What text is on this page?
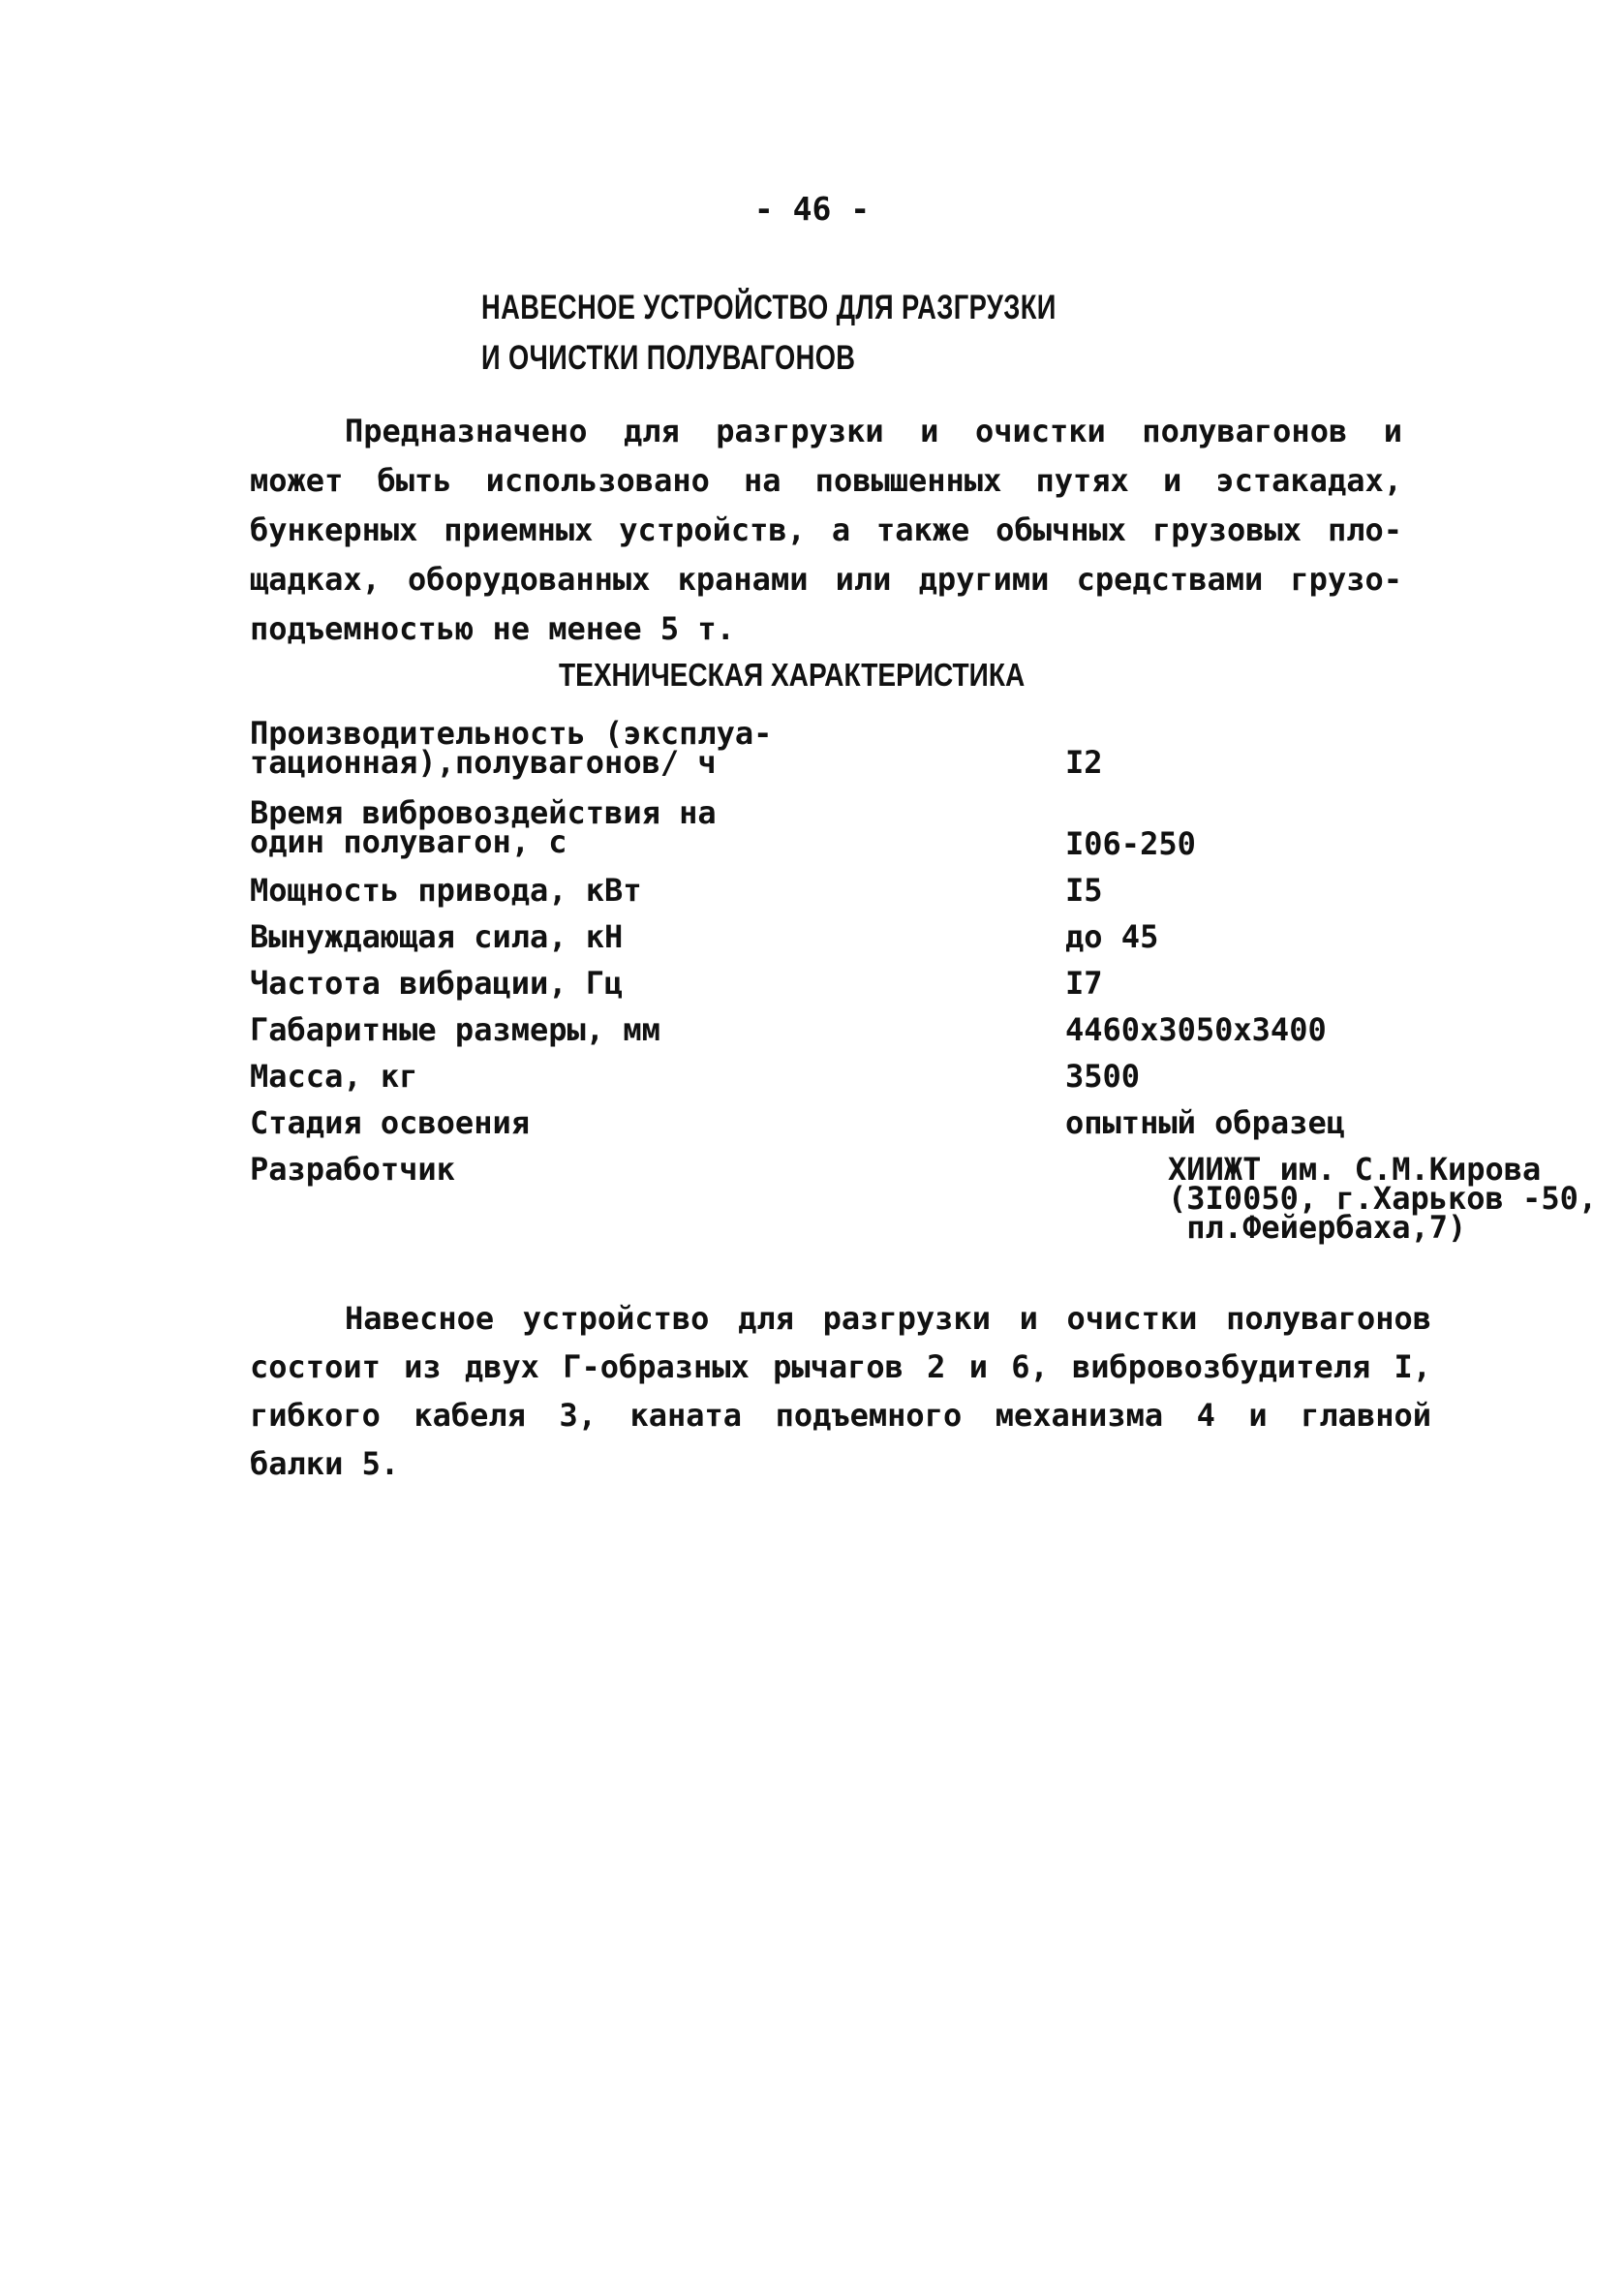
- 46 -
НАВЕСНОЕ УСТРОЙСТВО ДЛЯ РАЗГРУЗКИ
И ОЧИСТКИ ПОЛУВАГОНОВ
Предназначено для разгрузки и очистки полувагонов и
может быть использовано на повышенных путях и эстакадах,
бункерных приемных устройств, а также обычных грузовых пло-
щадках, оборудованных кранами или другими средствами грузо-
подъемностью не менее 5 т.
ТЕХНИЧЕСКАЯ ХАРАКТЕРИСТИКА
Производительность (эксплуа-
тационная),полувагонов/ ч	I2
Время вибровоздействия на
один полувагон, с	I06-250
Мощность привода, кВт	I5
Вынуждающая сила, кН	до 45
Частота вибрации, Гц	I7
Габаритные размеры, мм	4460х3050х3400
Масса, кг	3500
Стадия освоения	опытный образец
Разработчик	ХИИЖТ им. С.М.Кирова
(3I0050, г.Харьков -50,
пл.Фейербаха,7)
Навесное устройство для разгрузки и очистки полувагонов
состоит из двух Г-образных рычагов 2 и 6, вибровозбудителя I,
гибкого кабеля 3, каната подъемного механизма 4 и главной
балки 5.
